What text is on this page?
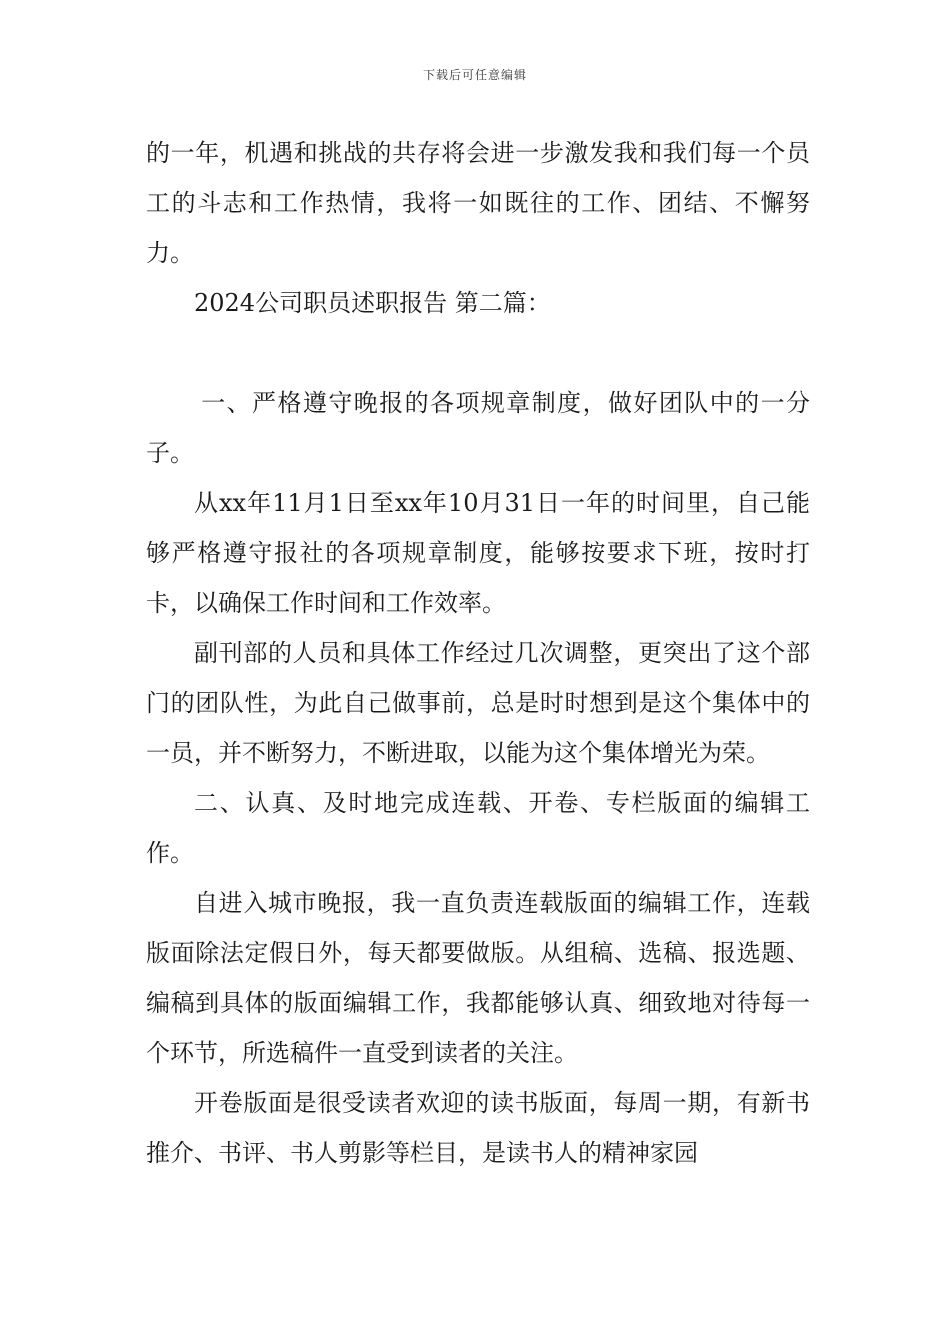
下载后可任意编辑

的一年，机遇和挑战的共存将会进一步激发我和我们每一个员工的斗志和工作热情，我将一如既往的工作、团结、不懈努力。

2024公司职员述职报告 第二篇：

一、严格遵守晚报的各项规章制度，做好团队中的一分子。

从xx年11月1日至xx年10月31日一年的时间里，自己能够严格遵守报社的各项规章制度，能够按要求下班，按时打卡，以确保工作时间和工作效率。

副刊部的人员和具体工作经过几次调整，更突出了这个部门的团队性，为此自己做事前，总是时时想到是这个集体中的一员，并不断努力，不断进取，以能为这个集体增光为荣。

二、认真、及时地完成连载、开卷、专栏版面的编辑工作。

自进入城市晚报，我一直负责连载版面的编辑工作，连载版面除法定假日外，每天都要做版。从组稿、选稿、报选题、编稿到具体的版面编辑工作，我都能够认真、细致地对待每一个环节，所选稿件一直受到读者的关注。

开卷版面是很受读者欢迎的读书版面，每周一期，有新书推介、书评、书人剪影等栏目，是读书人的精神家园
